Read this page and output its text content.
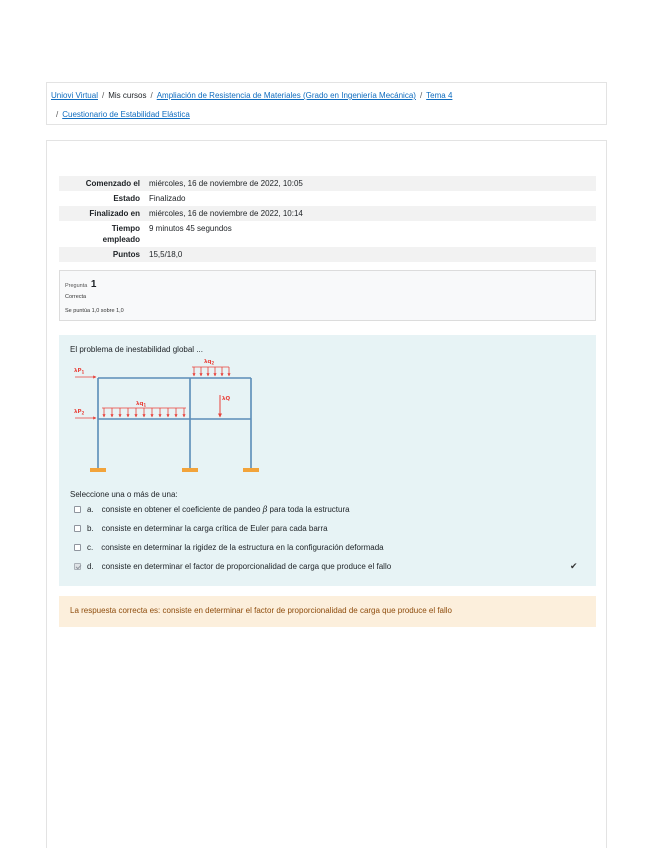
Uniovi Virtual / Mis cursos / Ampliación de Resistencia de Materiales (Grado en Ingeniería Mecánica) / Tema 4
/ Cuestionario de Estabilidad Elástica
Comenzado el	miércoles, 16 de noviembre de 2022, 10:05
Estado	Finalizado
Finalizado en	miércoles, 16 de noviembre de 2022, 10:14
Tiempo
empleado	9 minutos 45 segundos
Puntos	15,5/18,0
Pregunta 1
Correcta
Se puntúa 1,0 sobre 1,0
El problema de inestabilidad global ...
$\lambda P_1$
$\lambda P_2$
$\lambda q_2$
$\lambda q_1$
λQ
Seleccione una o más de una:
a. consiste en obtener el coeficiente de pandeo
β
para toda la estructura
b. consiste en determinar la carga crítica de Euler para cada barra
c. consiste en determinar la rigidez de la estructura en la configuración deformada
d. consiste en determinar el factor de proporcionalidad de carga que produce el fallo	✔
La respuesta correcta es: consiste en determinar el factor de proporcionalidad de carga que produce el fallo
